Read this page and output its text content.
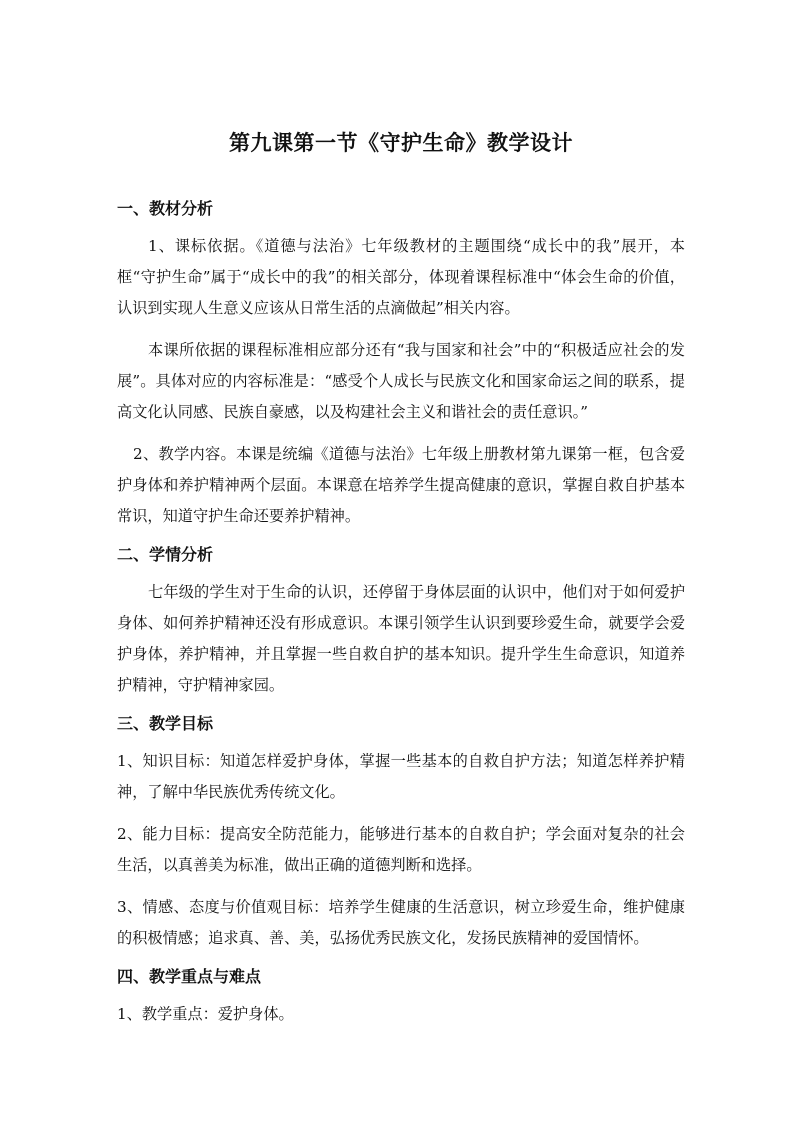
第九课第一节《守护生命》教学设计
一、教材分析
1、课标依据。《道德与法治》七年级教材的主题围绕“成长中的我”展开，本框“守护生命”属于“成长中的我”的相关部分，体现着课程标准中“体会生命的价值，认识到实现人生意义应该从日常生活的点滴做起”相关内容。
本课所依据的课程标准相应部分还有“我与国家和社会”中的“积极适应社会的发展”。具体对应的内容标准是：“感受个人成长与民族文化和国家命运之间的联系，提高文化认同感、民族自豪感，以及构建社会主义和谐社会的责任意识。”
2、教学内容。本课是统编《道德与法治》七年级上册教材第九课第一框，包含爱护身体和养护精神两个层面。本课意在培养学生提高健康的意识，掌握自救自护基本常识，知道守护生命还要养护精神。
二、学情分析
七年级的学生对于生命的认识，还停留于身体层面的认识中，他们对于如何爱护身体、如何养护精神还没有形成意识。本课引领学生认识到要珍爱生命，就要学会爱护身体，养护精神，并且掌握一些自救自护的基本知识。提升学生生命意识，知道养护精神，守护精神家园。
三、教学目标
1、知识目标：知道怎样爱护身体，掌握一些基本的自救自护方法；知道怎样养护精神，了解中华民族优秀传统文化。
2、能力目标：提高安全防范能力，能够进行基本的自救自护；学会面对复杂的社会生活，以真善美为标准，做出正确的道德判断和选择。
3、情感、态度与价值观目标：培养学生健康的生活意识，树立珍爱生命，维护健康的积极情感；追求真、善、美，弘扬优秀民族文化，发扬民族精神的爱国情怀。
四、教学重点与难点
1、教学重点：爱护身体。
